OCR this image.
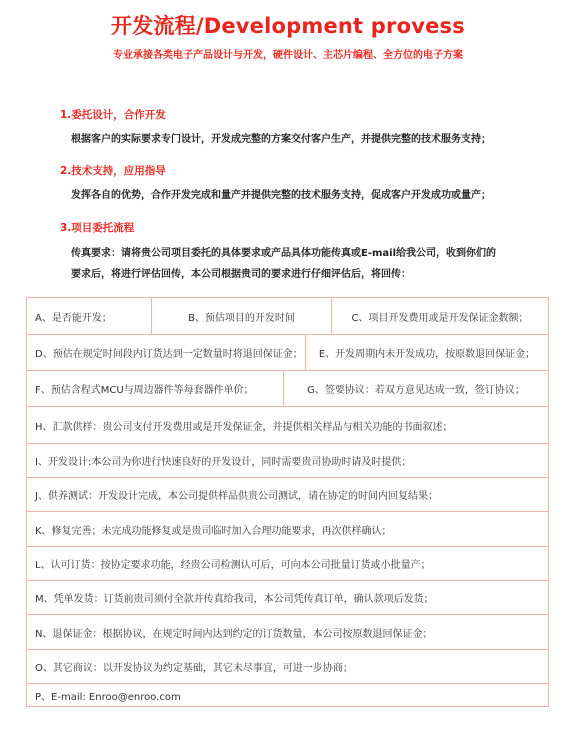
开发流程/Development provess
专业承接各类电子产品设计与开发，硬件设计、主芯片编程、全方位的电子方案
1.委托设计，合作开发
根据客户的实际要求专门设计，开发成完整的方案交付客户生产，并提供完整的技术服务支持；
2.技术支持，应用指导
发挥各自的优势，合作开发完成和量产并提供完整的技术服务支持，促成客户开发成功或量产；
3.项目委托流程
传真要求：请将贵公司项目委托的具体要求或产品具体功能传真或E-mail给我公司，收到你们的
要求后，将进行评估回传，本公司根据贵司的要求进行仔细评估后，将回传：
A、是否能开发；	B、预估项目的开发时间	C、项目开发费用或是开发保证金数额；
D、预估在规定时间段内订货达到一定数量时将退回保证金；	E、开发周期内未开发成功，按原数退回保证金；
F、预估含程式MCU与周边器件等每套器件单价；	G、签要协议：若双方意见达成一致，签订协议；
H、汇款供样：贵公司支付开发费用或是开发保证金，并提供相关样品与相关功能的书面叙述；
I、开发设计:本公司为你进行快速良好的开发设计，同时需要贵司协助时请及时提供；
J、供养测试：开发设计完成，本公司提供样品供贵公司测试，请在协定的时间内回复结果；
K、修复完善；未完成功能修复或是贵司临时加入合理功能要求，再次供样确认；
L、认可订货：按协定要求功能，经贵公司检测认可后，可向本公司批量订货或小批量产；
M、凭单发货：订货前贵司须付全款并传真给我司，本公司凭传真订单，确认款项后发货；
N、退保证金：根据协议，在规定时间内达到约定的订货数量，本公司按原数退回保证金；
O、其它商议：以开发协议为约定基础，其它未尽事宜，可进一步协商；
P、E-mail: Enroo@enroo.com
